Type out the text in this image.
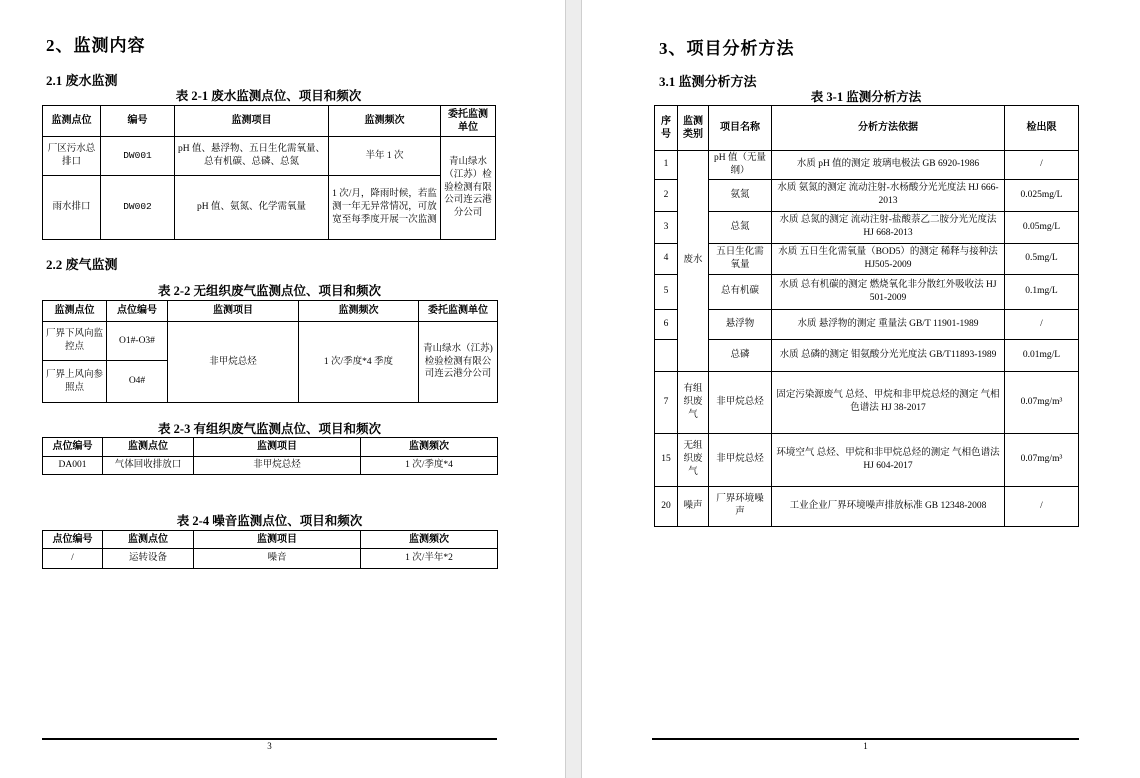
2、监测内容
2.1 废水监测
表 2-1 废水监测点位、项目和频次
监测点位	编号	监测项目	监测频次	委托监测单位
厂区污水总排口	DW001	pH 值、悬浮物、五日生化需氧量、总有机碳、总磷、总氮	半年 1 次	青山绿水（江苏）检验检测有限公司连云港分公司
雨水排口	DW002	pH 值、氨氮、化学需氧量	1 次/月，降雨时候，若监测一年无异常情况，可放宽至每季度开展一次监测	
2.2 废气监测
表 2-2 无组织废气监测点位、项目和频次
监测点位	点位编号	监测项目	监测频次	委托监测单位
厂界下风向监控点	O1#-O3#	非甲烷总烃	1 次/季度*4 季度	青山绿水（江苏)检验检测有限公司连云港分公司
厂界上风向参照点	O4#			
表 2-3 有组织废气监测点位、项目和频次
点位编号	监测点位	监测项目	监测频次
DA001	气体回收排放口	非甲烷总烃	1 次/季度*4
表 2-4 噪音监测点位、项目和频次
点位编号	监测点位	监测项目	监测频次
/	运转设备	噪音	1 次/半年*2
3
3、项目分析方法
3.1 监测分析方法
表 3-1 监测分析方法
序号	监测类别	项目名称	分析方法依据	检出限
1	废水	pH 值（无量纲）	水质 pH 值的测定 玻璃电极法 GB 6920-1986	/
2		氨氮	水质 氨氮的测定 流动注射-水杨酸分光光度法 HJ 666-2013	0.025mg/L
3		总氮	水质 总氮的测定 流动注射-盐酸萘乙二胺分光光度法 HJ 668-2013	0.05mg/L
4		五日生化需氧量	水质 五日生化需氧量（BOD5）的测定 稀释与接种法 HJ505-2009	0.5mg/L
5		总有机碳	水质 总有机碳的测定 燃烧氧化非分散红外吸收法 HJ 501-2009	0.1mg/L
6		悬浮物	水质 悬浮物的测定 重量法 GB/T 11901-1989	/
		总磷	水质 总磷的测定 钼氨酸分光光度法 GB/T11893-1989	0.01mg/L
7	有组织废气	非甲烷总烃	固定污染源废气 总烃、甲烷和非甲烷总烃的测定 气相色谱法 HJ 38-2017	0.07mg/m³
15	无组织废气	非甲烷总烃	环境空气 总烃、甲烷和非甲烷总烃的测定 气相色谱法 HJ 604-2017	0.07mg/m³
20	噪声	厂界环境噪声	工业企业厂界环境噪声排放标准 GB 12348-2008	/
1
